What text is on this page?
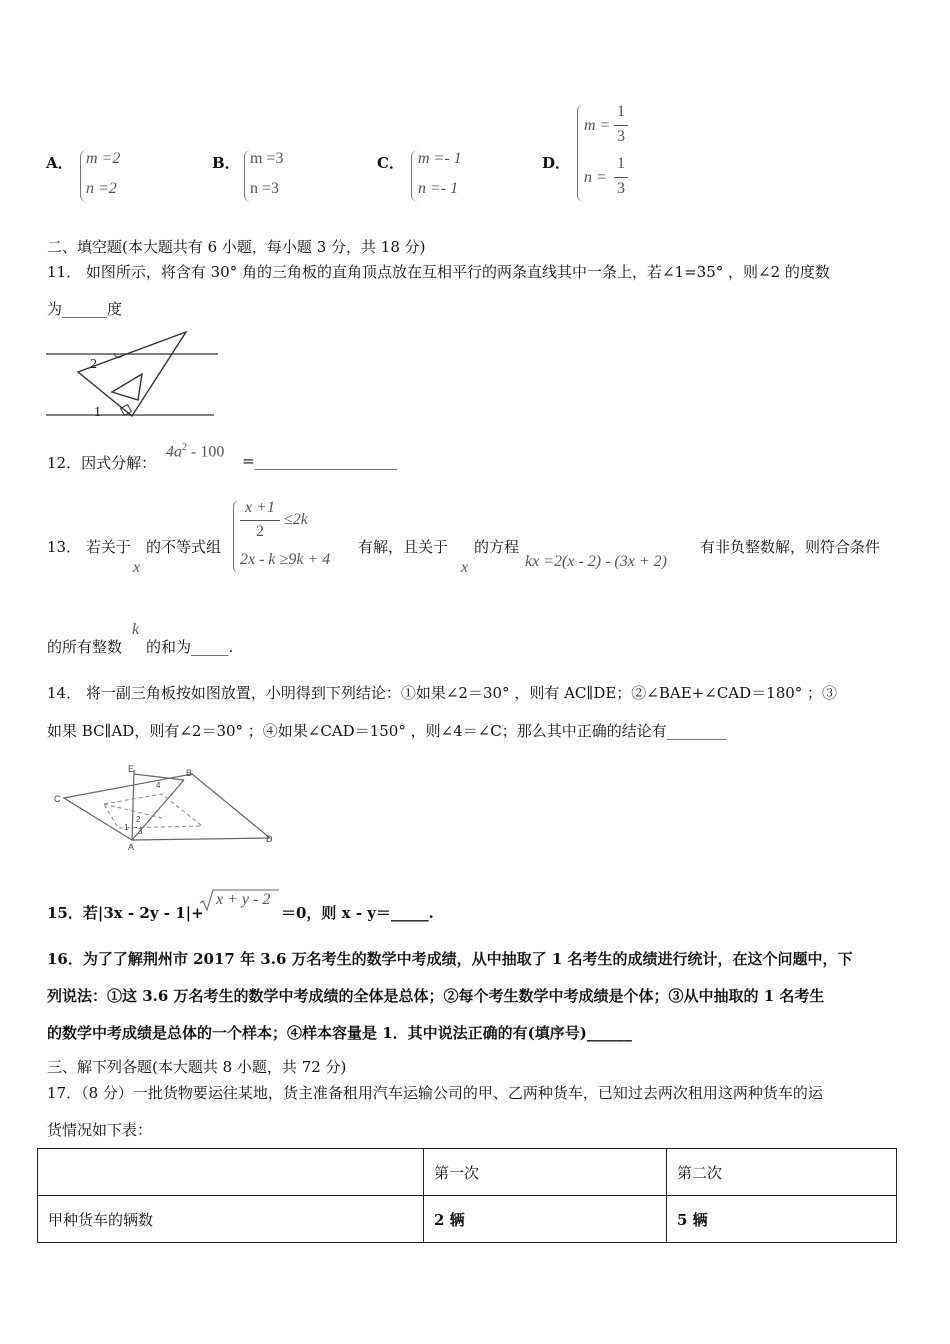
A． m =2
n =2
B． m =3
n =3
C． m =- 1
n =- 1
D．
m =
1
3
n =
1
3
二、填空题(本大题共有 6 小题，每小题 3 分，共 18 分)
11． 如图所示，将含有 30° 角的三角板的直角顶点放在互相平行的两条直线其中一条上，若∠1=35° ，则∠2 的度数
为______度
2
1
12．因式分解：
$4a^2 - 100$
=___________________
13． 若关于
x
的不等式组
x +1
2
≤2k
2x - k ≥9k + 4
有解，且关于
x
的方程
kx =2(x - 2) - (3x + 2)
有非负整数解，则符合条件
的所有整数
k
的和为_____.
14． 将一副三角板按如图放置，小明得到下列结论：①如果∠2＝30° ，则有 AC∥DE；②∠BAE+∠CAD＝180° ；③
如果 BC∥AD，则有∠2＝30° ；④如果∠CAD＝150° ，则∠4＝∠C；那么其中正确的结论有________
E	B
C
D
A
1
2
3
4
15．若|3x - 2y - 1|+
x + y - 2
＝0，则 x - y＝_____.
16．为了了解荆州市 2017 年 3.6 万名考生的数学中考成绩，从中抽取了 1 名考生的成绩进行统计，在这个问题中，下
列说法：①这 3.6 万名考生的数学中考成绩的全体是总体；②每个考生数学中考成绩是个体；③从中抽取的 1 名考生
的数学中考成绩是总体的一个样本；④样本容量是 1．其中说法正确的有(填序号)______
三、解下列各题(本大题共 8 小题，共 72 分)
17．（8 分）一批货物要运往某地，货主准备租用汽车运输公司的甲、乙两种货车，已知过去两次租用这两种货车的运
货情况如下表：
	第一次	第二次
甲种货车的辆数	2 辆	5 辆
